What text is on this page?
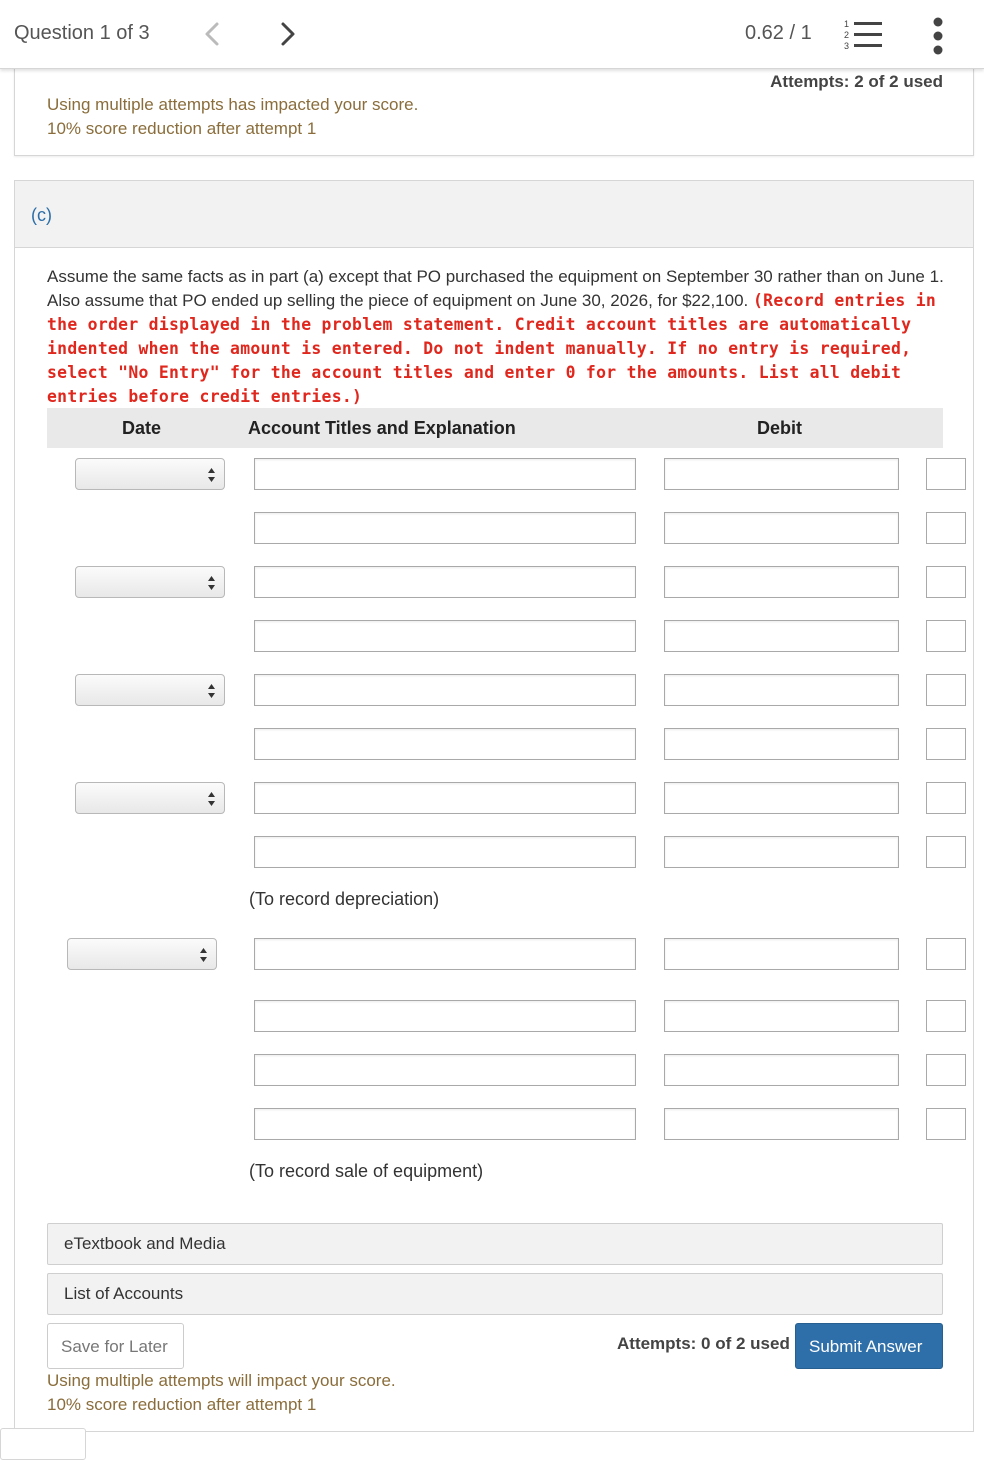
Question 1 of 3	0.62 / 1	1
2
3
Attempts: 2 of 2 used
Using multiple attempts has impacted your score.
10% score reduction after attempt 1
(c)
Assume the same facts as in part (a) except that PO purchased the equipment on September 30 rather than on June 1. Also assume that PO ended up selling the piece of equipment on June 30, 2026, for $22,100. (Record entries in the order displayed in the problem statement. Credit account titles are automatically indented when the amount is entered. Do not indent manually. If no entry is required, select "No Entry" for the account titles and enter 0 for the amounts. List all debit entries before credit entries.)
Date	Account Titles and Explanation	Debit
(To record depreciation)
(To record sale of equipment)
eTextbook and Media
List of Accounts
Save for Later	Attempts: 0 of 2 used Submit Answer
Using multiple attempts will impact your score.
10% score reduction after attempt 1
